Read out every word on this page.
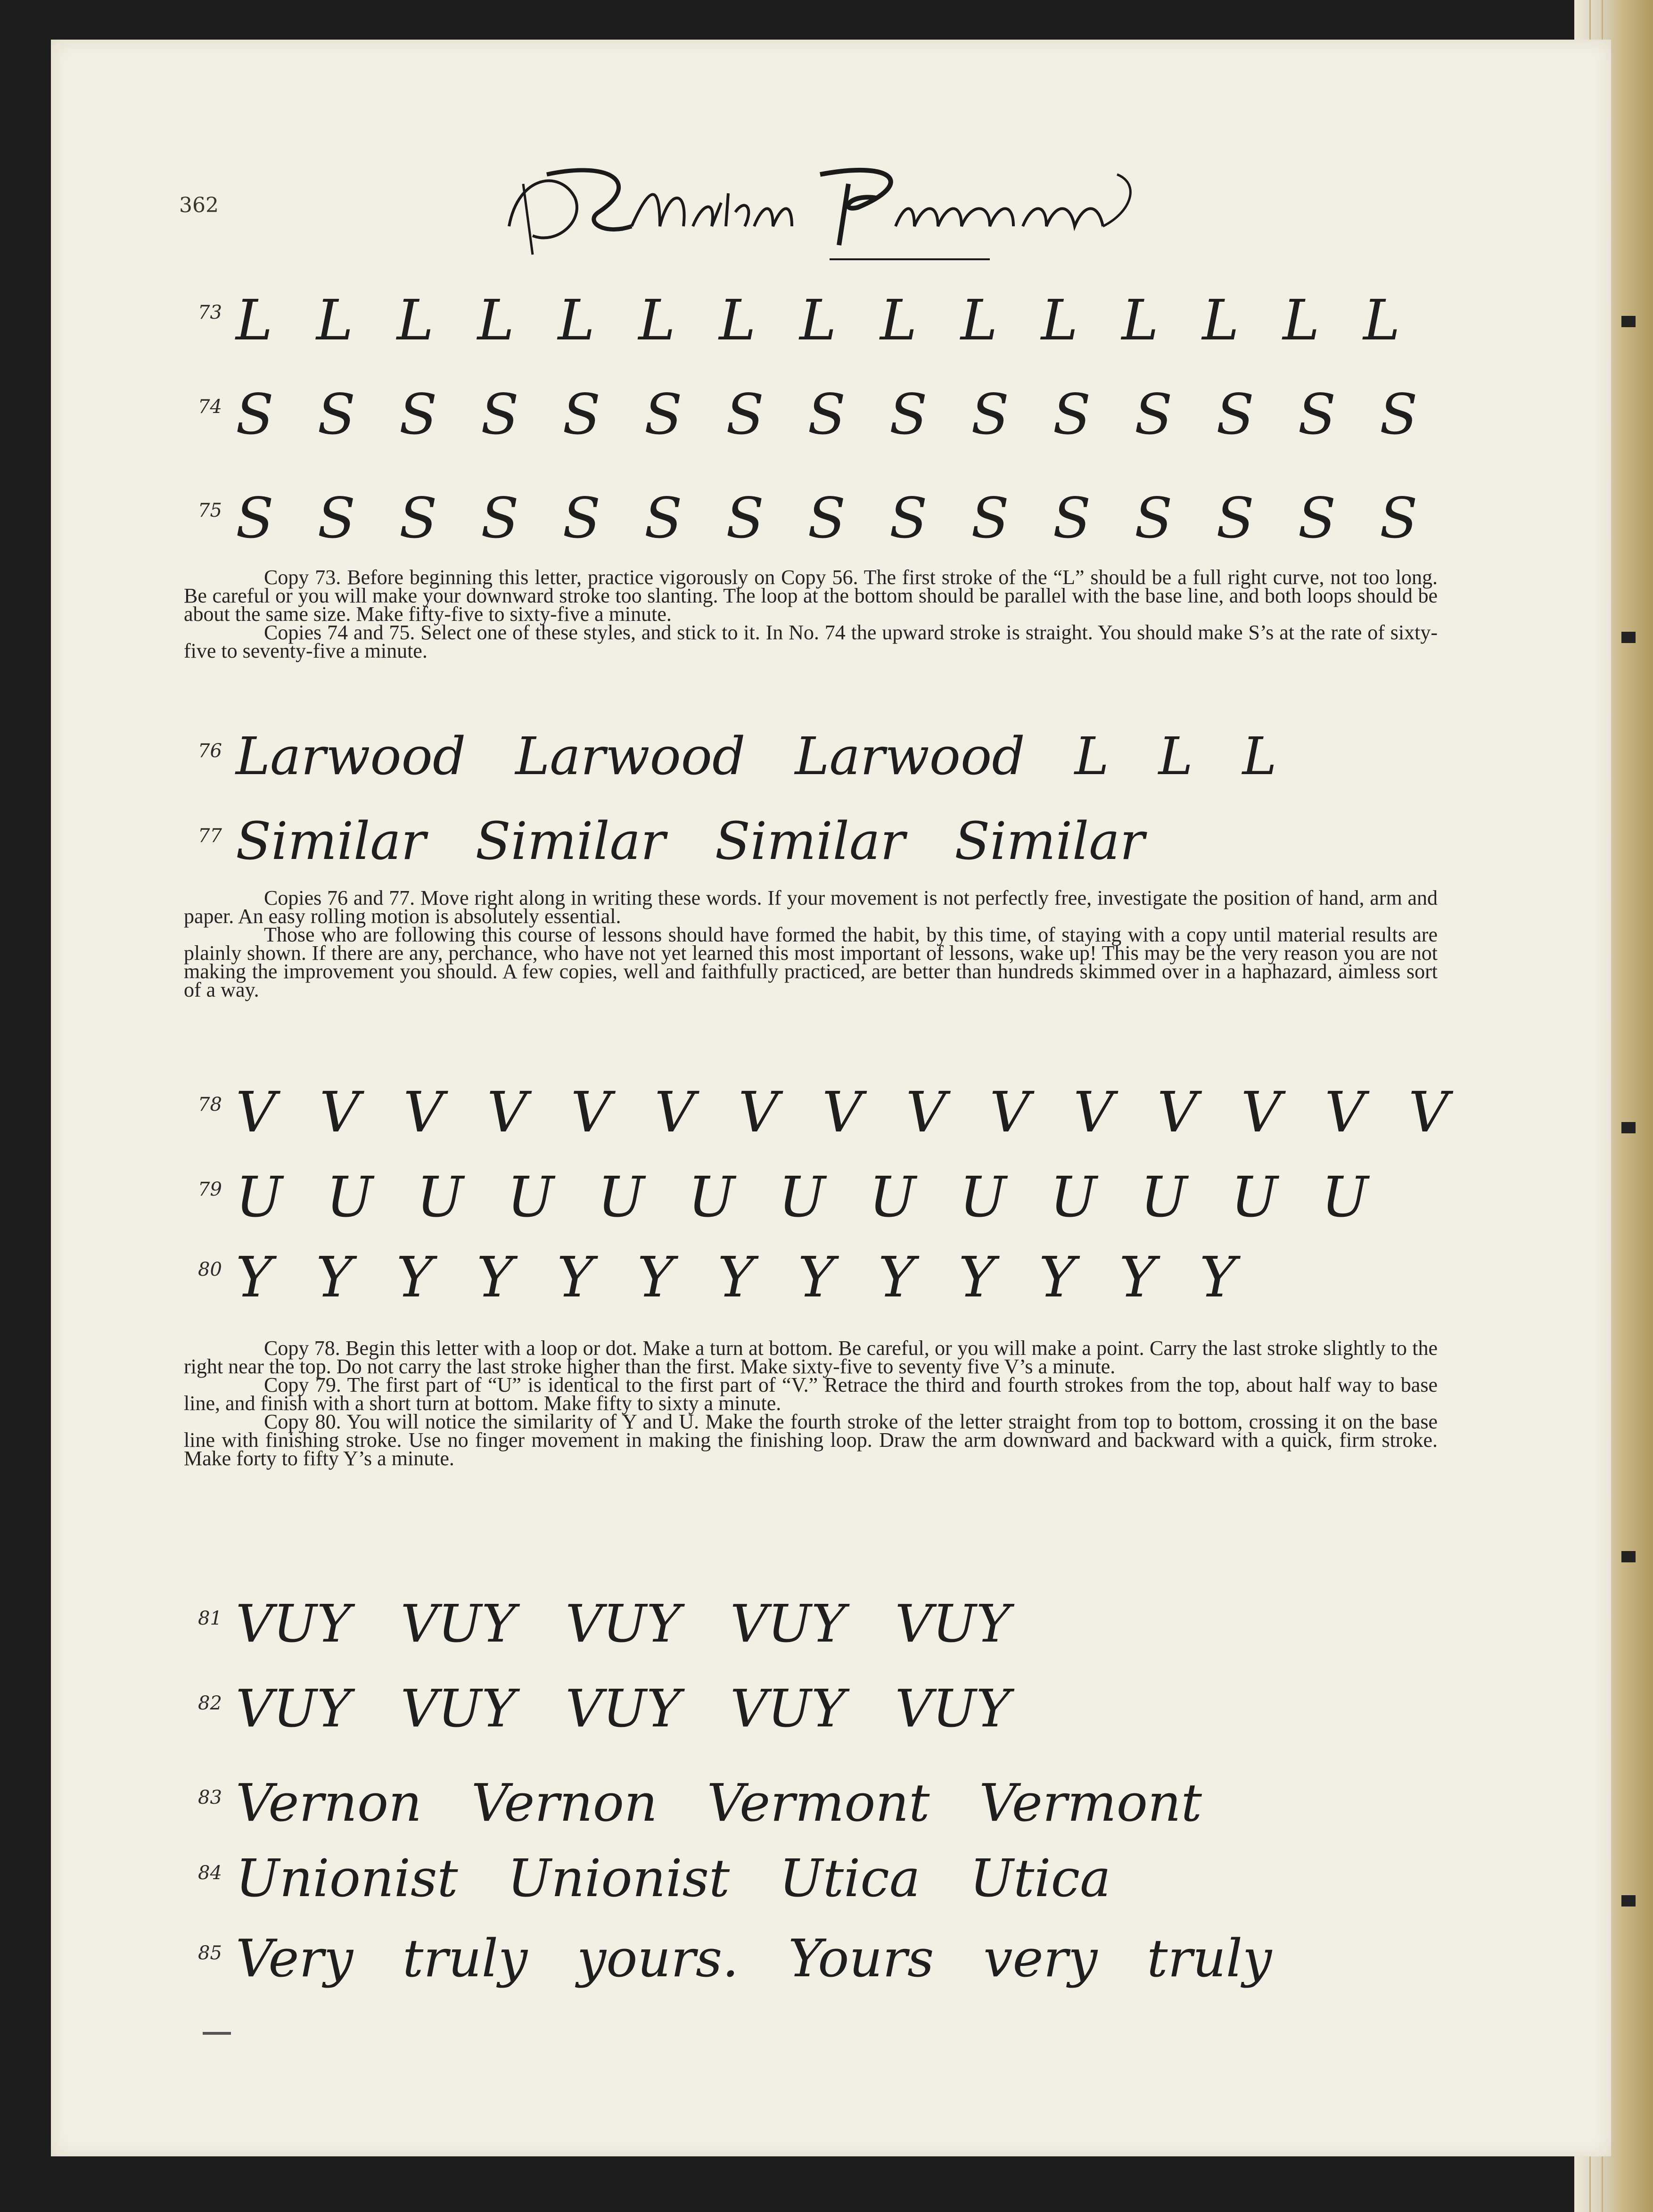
362
Western Penman
73 L L L L L L L L L L L L L L L
74 S S S S S S S S S S S S S S S
75 S S S S S S S S S S S S S S S

Copy 73. Before beginning this letter, practice vigorously on Copy 56. The first stroke of the “L” should be a full right curve, not too long. Be careful or you will make your downward stroke too slanting. The loop at the bottom should be parallel with the base line, and both loops should be about the same size. Make fifty-five to sixty-five a minute.

Copies 74 and 75. Select one of these styles, and stick to it. In No. 74 the upward stroke is straight. You should make S’s at the rate of sixty-five to seventy-five a minute.

76 Larwood Larwood Larwood L L L
77 Similar Similar Similar Similar

Copies 76 and 77. Move right along in writing these words. If your movement is not perfectly free, investigate the position of hand, arm and paper. An easy rolling motion is absolutely essential.

Those who are following this course of lessons should have formed the habit, by this time, of staying with a copy until material results are plainly shown. If there are any, perchance, who have not yet learned this most important of lessons, wake up! This may be the very reason you are not making the improvement you should. A few copies, well and faithfully practiced, are better than hundreds skimmed over in a haphazard, aimless sort of a way.

78 V V V V V V V V V V V V V V V
79 U U U U U U U U U U U U U
80 Y Y Y Y Y Y Y Y Y Y Y Y Y

Copy 78. Begin this letter with a loop or dot. Make a turn at bottom. Be careful, or you will make a point. Carry the last stroke slightly to the right near the top. Do not carry the last stroke higher than the first. Make sixty-five to seventy five V’s a minute.

Copy 79. The first part of “U” is identical to the first part of “V.” Retrace the third and fourth strokes from the top, about half way to base line, and finish with a short turn at bottom. Make fifty to sixty a minute.

Copy 80. You will notice the similarity of Y and U. Make the fourth stroke of the letter straight from top to bottom, crossing it on the base line with finishing stroke. Use no finger movement in making the finishing loop. Draw the arm downward and backward with a quick, firm stroke. Make forty to fifty Y’s a minute.

81 VUY VUY VUY VUY VUY
82 VUY VUY VUY VUY VUY
83 Vernon Vernon Vermont Vermont
84 Unionist Unionist Utica Utica
85 Very truly yours. Yours very truly
